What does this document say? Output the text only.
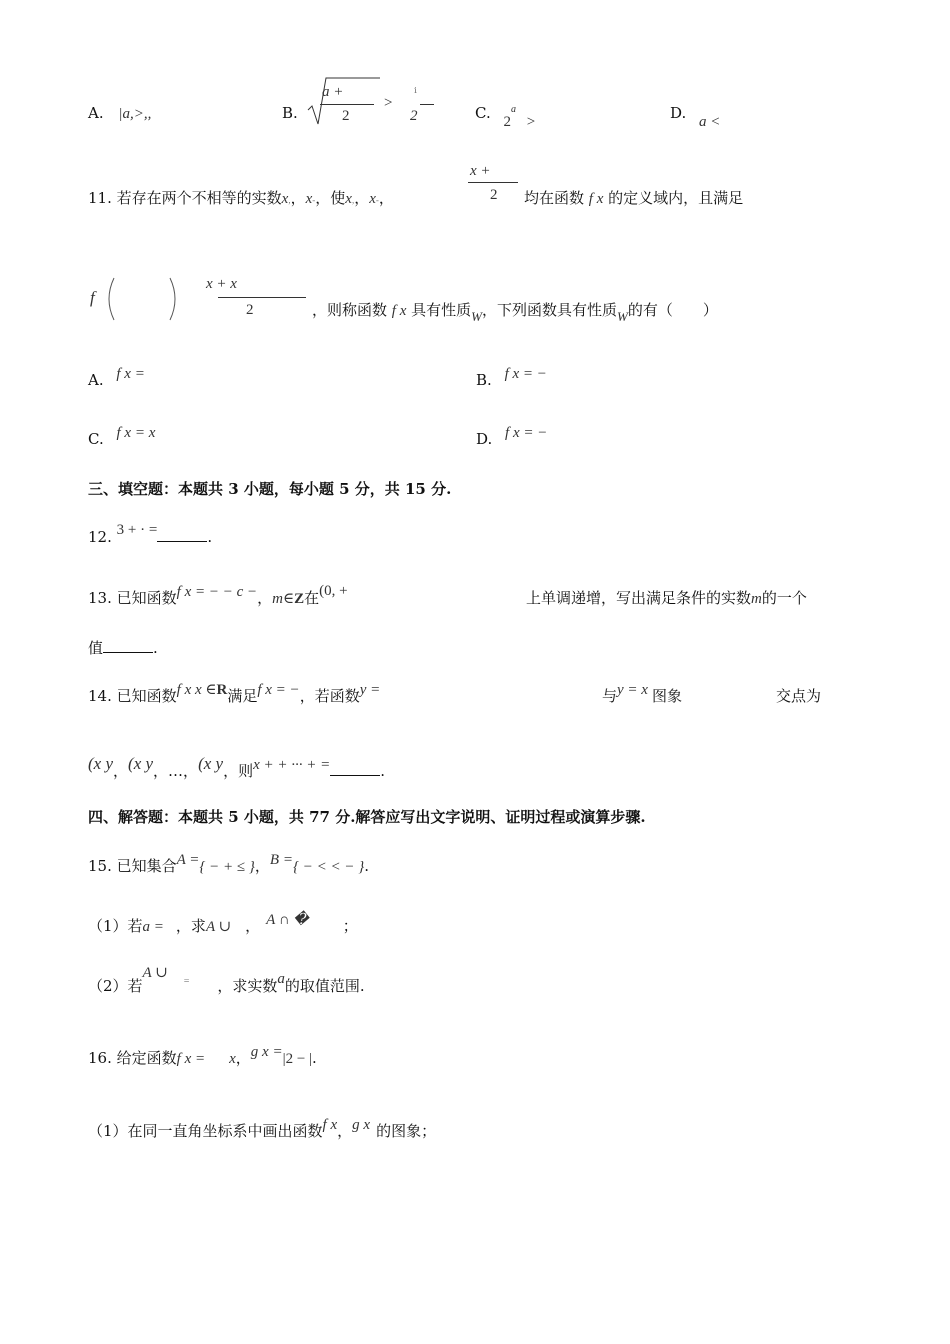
A. |a,>,,	B.
a +
2
>
ⁱ
2	C. $2^a$ >	D. a <
11. 若存在两个不相等的实数x,，x-，使x,，x-，
x +
2 均在函数 f x 的定义域内，且满足
f
x + x
2	，则称函数 f x 具有性质W，下列函数具有性质W的有（　　）
A. f x =	B. f x = −
C. f x = x	D. f x = −
三、填空题：本题共 3 小题，每小题 5 分，共 15 分.
12. 3 + · =	.
13. 已知函数f x = − − c −，m∈Z在(0, +	上单调递增，写出满足条件的实数m的一个
值	.
14. 已知函数f x x ∈R满足f x = −，若函数y =	与y = x 图象	交点为
(x y，(x y，…，(x y，则x + + ··· + =	.
四、解答题：本题共 5 小题，共 77 分.解答应写出文字说明、证明过程或演算步骤.
15. 已知集合A ={ − + ≤ }，B ={ − < < − }.
（1）若a = ，求A ∪ ， A ∩ � ；
（2）若A ∪= ，求实数a的取值范围.
16. 给定函数f x = x，g x =|2 − |.
（1）在同一直角坐标系中画出函数f x，g x 的图象；
